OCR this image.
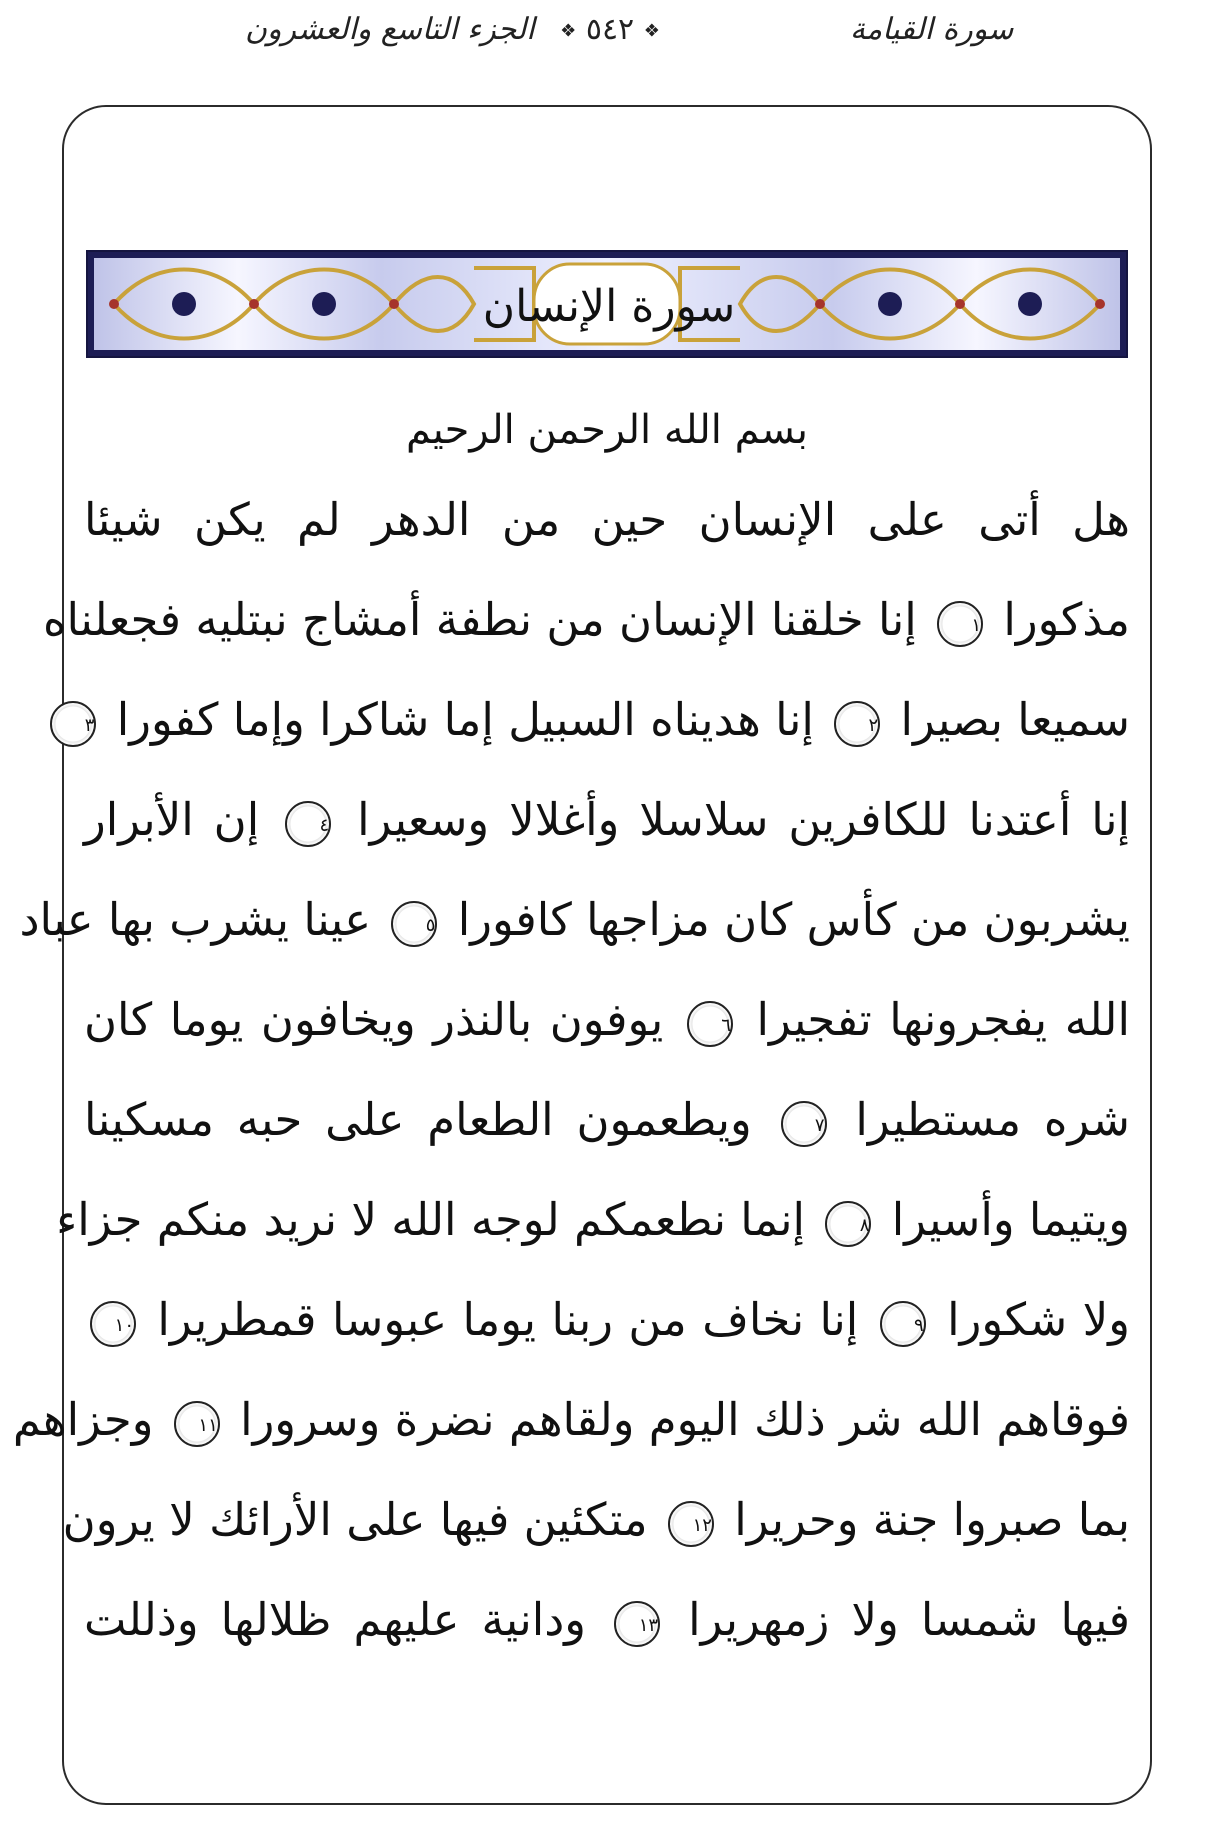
الجزء التاسع والعشرون ❖ ٥٤٢ ❖	سورة القيامة
سورة الإنسان
بسم الله الرحمن الرحيم
هل أتى على الإنسان حين من الدهر لم يكن شيئا
مذكورا ١ إنا خلقنا الإنسان من نطفة أمشاج نبتليه فجعلناه
سميعا بصيرا ٢ إنا هديناه السبيل إما شاكرا وإما كفورا ٣
إنا أعتدنا للكافرين سلاسلا وأغلالا وسعيرا ٤ إن الأبرار
يشربون من كأس كان مزاجها كافورا ٥ عينا يشرب بها عباد
الله يفجرونها تفجيرا ٦ يوفون بالنذر ويخافون يوما كان
شره مستطيرا ٧ ويطعمون الطعام على حبه مسكينا
ويتيما وأسيرا ٨ إنما نطعمكم لوجه الله لا نريد منكم جزاء
ولا شكورا ٩ إنا نخاف من ربنا يوما عبوسا قمطريرا ١٠
فوقاهم الله شر ذلك اليوم ولقاهم نضرة وسرورا ١١ وجزاهم
بما صبروا جنة وحريرا ١٢ متكئين فيها على الأرائك لا يرون
فيها شمسا ولا زمهريرا ١٣ ودانية عليهم ظلالها وذللت
